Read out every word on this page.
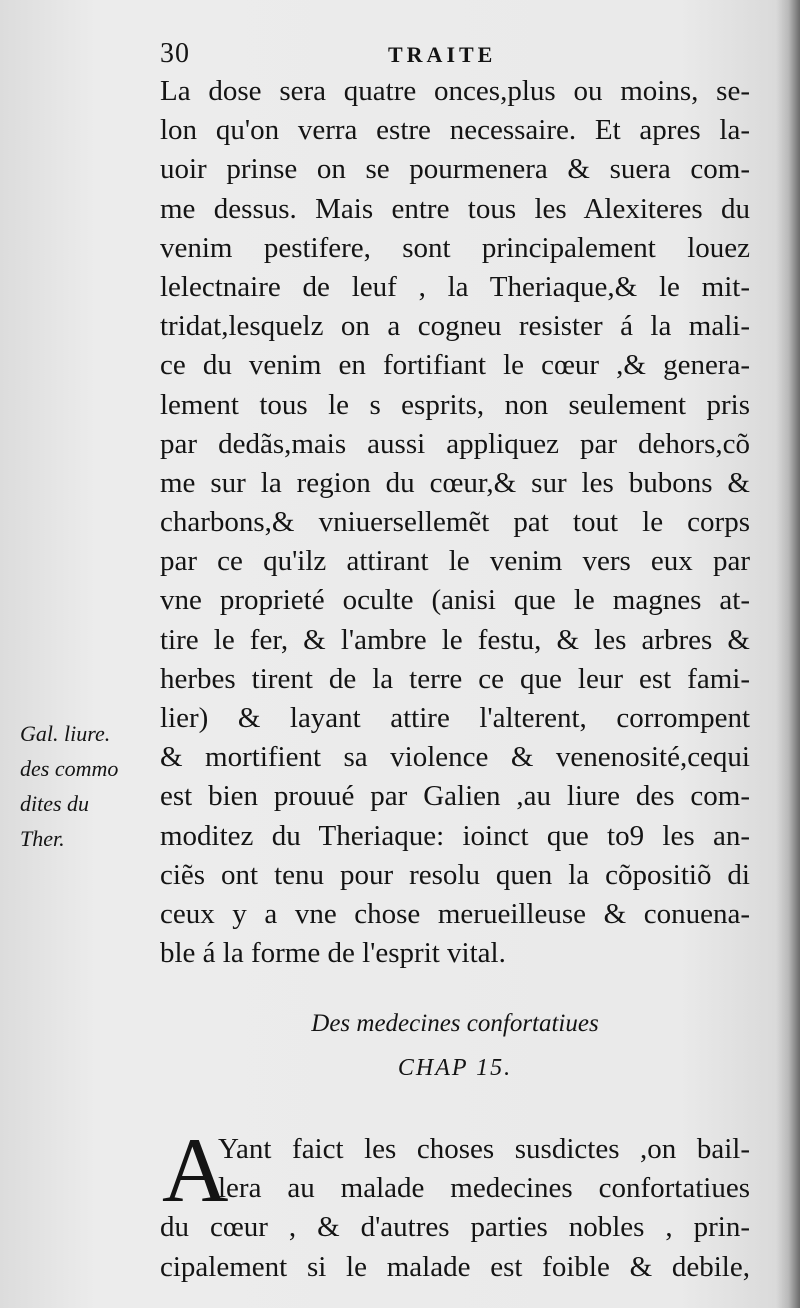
30	TRAITE
La dose sera quatre onces,plus ou moins, se-
lon qu'on verra estre necessaire. Et apres la-
uoir prinse on se pourmenera & suera com-
me dessus. Mais entre tous les Alexiteres du
venim pestifere, sont principalement louez
lelectnaire de leuf , la Theriaque,& le mit-
tridat,lesquelz on a cogneu resister á la mali-
ce du venim en fortifiant le cœur ,& genera-
lement tous le s esprits, non seulement pris
par dedãs,mais aussi appliquez par dehors,cõ
me sur la region du cœur,& sur les bubons &
charbons,& vniuersellemẽt pat tout le corps
par ce qu'ilz attirant le venim vers eux par
vne proprieté oculte (anisi que le magnes at-
tire le fer, & l'ambre le festu, & les arbres &
herbes tirent de la terre ce que leur est fami-
lier) & layant attire l'alterent, corrompent
& mortifient sa violence & venenosité,cequi
est bien prouué par Galien ,au liure des com-
moditez du Theriaque: ioinct que to9 les an-
ciẽs ont tenu pour resolu quen la cõpositiõ di
ceux y a vne chose merueilleuse & conuena-
ble á la forme de l'esprit vital.
Gal. liure.
des commo
dites du
Ther.
Des medecines confortatiues
CHAP 15.
A
Yant faict les choses susdictes ,on bail-
lera au malade medecines confortatiues
du cœur , & d'autres parties nobles , prin-
cipalement si le malade est foible & debile,
